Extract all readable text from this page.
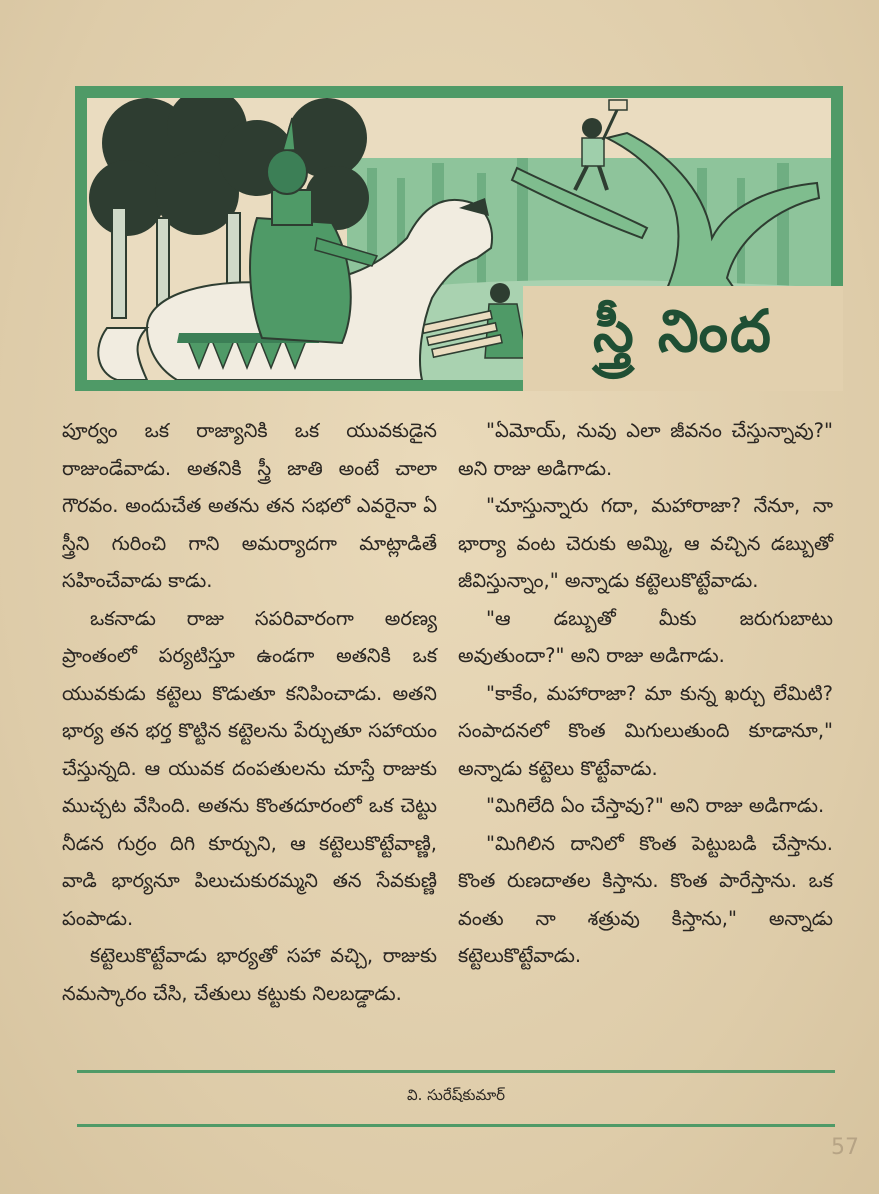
స్త్రీ నింద

పూర్వం ఒక రాజ్యానికి ఒక యువకుడైన రాజుండేవాడు. అతనికి స్త్రీ జాతి అంటే చాలా గౌరవం. అందుచేత అతను తన సభలో ఎవరైనా ఏ స్త్రీని గురించి గాని అమర్యాదగా మాట్లాడితే సహించేవాడు కాడు.

ఒకనాడు రాజు సపరివారంగా అరణ్య ప్రాంతంలో పర్యటిస్తూ ఉండగా అతనికి ఒక యువకుడు కట్టెలు కొడుతూ కనిపించాడు. అతని భార్య తన భర్త కొట్టిన కట్టెలను పేర్చుతూ సహాయం చేస్తున్నది. ఆ యువక దంపతులను చూస్తే రాజుకు ముచ్చట వేసింది. అతను కొంతదూరంలో ఒక చెట్టు నీడన గుర్రం దిగి కూర్చుని, ఆ కట్టెలుకొట్టేవాణ్ణి, వాడి భార్యనూ పిలుచుకురమ్మని తన సేవకుణ్ణి పంపాడు.

కట్టెలుకొట్టేవాడు భార్యతో సహా వచ్చి, రాజుకు నమస్కారం చేసి, చేతులు కట్టుకు నిలబడ్డాడు.

"ఏమోయ్, నువు ఎలా జీవనం చేస్తున్నావు?" అని రాజు అడిగాడు.

"చూస్తున్నారు గదా, మహారాజా? నేనూ, నా భార్యా వంట చెరుకు అమ్మి, ఆ వచ్చిన డబ్బుతో జీవిస్తున్నాం," అన్నాడు కట్టెలుకొట్టేవాడు.

"ఆ డబ్బుతో మీకు జరుగుబాటు అవుతుందా?" అని రాజు అడిగాడు.

"కాకేం, మహారాజా? మా కున్న ఖర్చు లేమిటి? సంపాదనలో కొంత మిగులుతుంది కూడానూ," అన్నాడు కట్టెలు కొట్టేవాడు.

"మిగిలేది ఏం చేస్తావు?" అని రాజు అడిగాడు.

"మిగిలిన దానిలో కొంత పెట్టుబడి చేస్తాను. కొంత రుణదాతల కిస్తాను. కొంత పారేస్తాను. ఒక వంతు నా శత్రువు కిస్తాను," అన్నాడు కట్టెలుకొట్టేవాడు.

వి. సురేష్‌కుమార్
57
